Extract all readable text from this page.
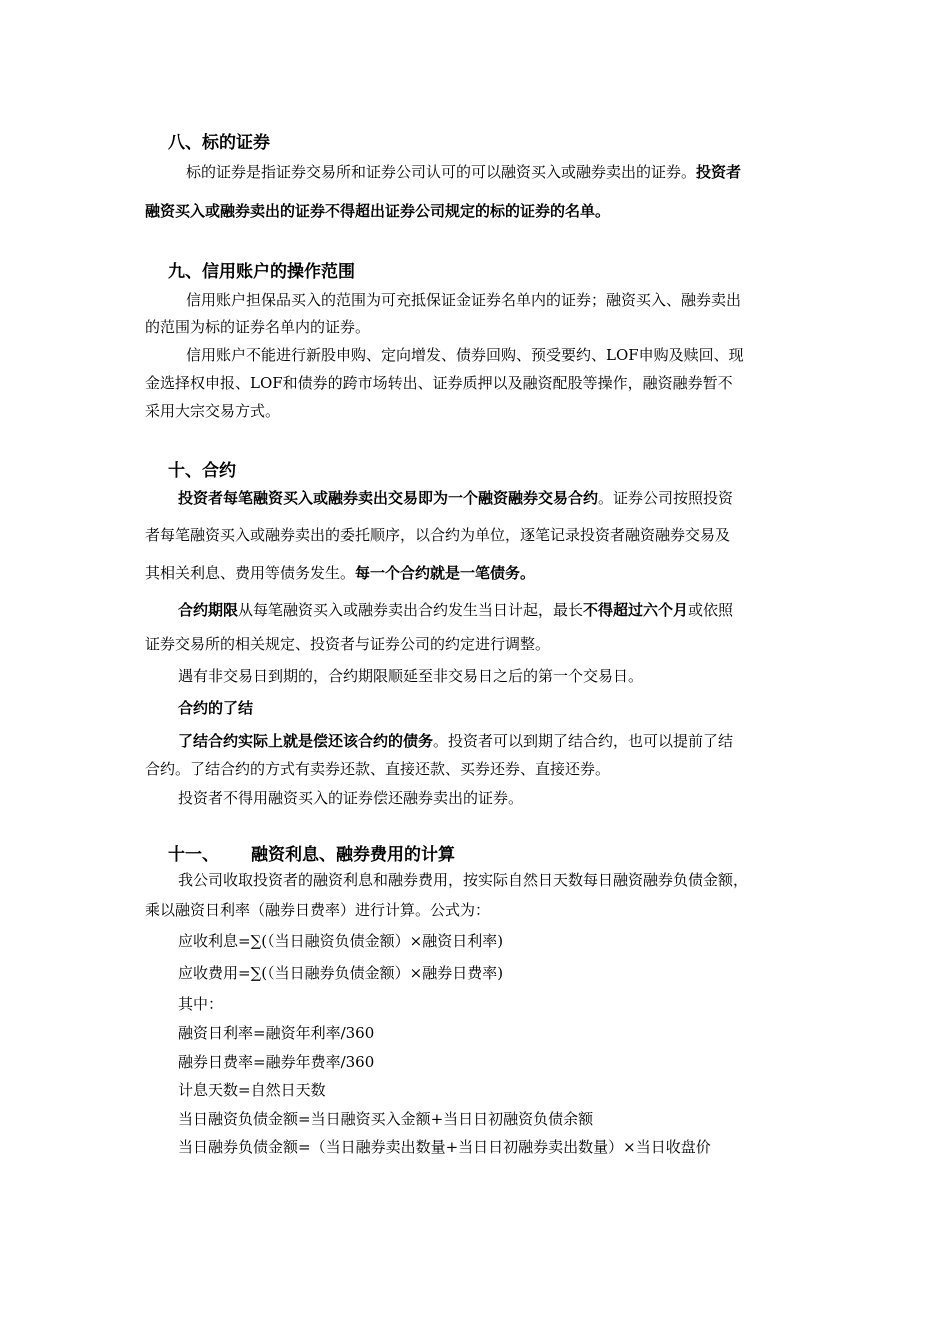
八、标的证券

标的证券是指证券交易所和证券公司认可的可以融资买入或融券卖出的证券。投资者

融资买入或融券卖出的证券不得超出证券公司规定的标的证券的名单。

九、信用账户的操作范围

信用账户担保品买入的范围为可充抵保证金证券名单内的证券；融资买入、融券卖出

的范围为标的证券名单内的证券。

信用账户不能进行新股申购、定向增发、债券回购、预受要约、LOF申购及赎回、现

金选择权申报、LOF和债券的跨市场转出、证券质押以及融资配股等操作，融资融券暂不

采用大宗交易方式。

十、合约

投资者每笔融资买入或融券卖出交易即为一个融资融券交易合约。证券公司按照投资

者每笔融资买入或融券卖出的委托顺序，以合约为单位，逐笔记录投资者融资融券交易及

其相关利息、费用等债务发生。每一个合约就是一笔债务。

合约期限从每笔融资买入或融券卖出合约发生当日计起，最长不得超过六个月或依照

证券交易所的相关规定、投资者与证券公司的约定进行调整。

遇有非交易日到期的，合约期限顺延至非交易日之后的第一个交易日。

合约的了结

了结合约实际上就是偿还该合约的债务。投资者可以到期了结合约，也可以提前了结

合约。了结合约的方式有卖券还款、直接还款、买券还券、直接还券。

投资者不得用融资买入的证券偿还融券卖出的证券。

十一、 融资利息、融券费用的计算

我公司收取投资者的融资利息和融券费用，按实际自然日天数每日融资融券负债金额，

乘以融资日利率（融券日费率）进行计算。公式为：

应收利息=∑(（当日融资负债金额）×融资日利率)

应收费用=∑(（当日融券负债金额）×融券日费率)

其中：

融资日利率=融资年利率/360

融券日费率=融券年费率/360

计息天数=自然日天数

当日融资负债金额=当日融资买入金额+当日日初融资负债余额

当日融券负债金额=（当日融券卖出数量+当日日初融券卖出数量）×当日收盘价
